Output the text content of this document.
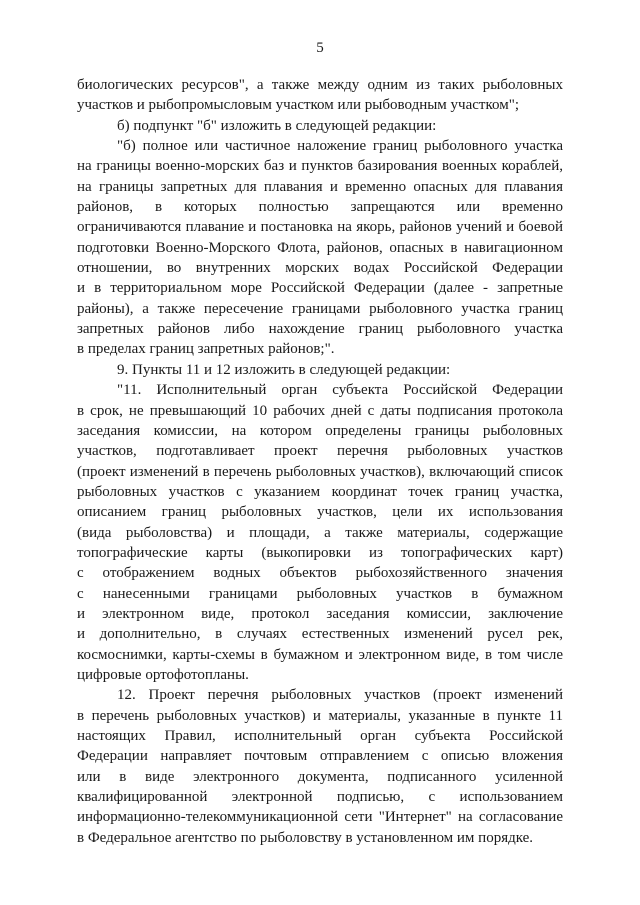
5
биологических ресурсов", а также между одним из таких рыболовных
участков и рыбопромысловым участком или рыбоводным участком";
б) подпункт "б" изложить в следующей редакции:
"б) полное или частичное наложение границ рыболовного участка
на границы военно-морских баз и пунктов базирования военных кораблей,
на границы запретных для плавания и временно опасных для плавания
районов, в которых полностью запрещаются или временно
ограничиваются плавание и постановка на якорь, районов учений и боевой
подготовки Военно-Морского Флота, районов, опасных в навигационном
отношении, во внутренних морских водах Российской Федерации
и в территориальном море Российской Федерации (далее - запретные
районы), а также пересечение границами рыболовного участка границ
запретных районов либо нахождение границ рыболовного участка
в пределах границ запретных районов;".
9. Пункты 11 и 12 изложить в следующей редакции:
"11. Исполнительный орган субъекта Российской Федерации
в срок, не превышающий 10 рабочих дней с даты подписания протокола
заседания комиссии, на котором определены границы рыболовных
участков, подготавливает проект перечня рыболовных участков
(проект изменений в перечень рыболовных участков), включающий список
рыболовных участков с указанием координат точек границ участка,
описанием границ рыболовных участков, цели их использования
(вида рыболовства) и площади, а также материалы, содержащие
топографические карты (выкопировки из топографических карт)
с отображением водных объектов рыбохозяйственного значения
с нанесенными границами рыболовных участков в бумажном
и электронном виде, протокол заседания комиссии, заключение
и дополнительно, в случаях естественных изменений русел рек,
космоснимки, карты-схемы в бумажном и электронном виде, в том числе
цифровые ортофотопланы.
12. Проект перечня рыболовных участков (проект изменений
в перечень рыболовных участков) и материалы, указанные в пункте 11
настоящих Правил, исполнительный орган субъекта Российской
Федерации направляет почтовым отправлением с описью вложения
или в виде электронного документа, подписанного усиленной
квалифицированной электронной подписью, с использованием
информационно-телекоммуникационной сети "Интернет" на согласование
в Федеральное агентство по рыболовству в установленном им порядке.
